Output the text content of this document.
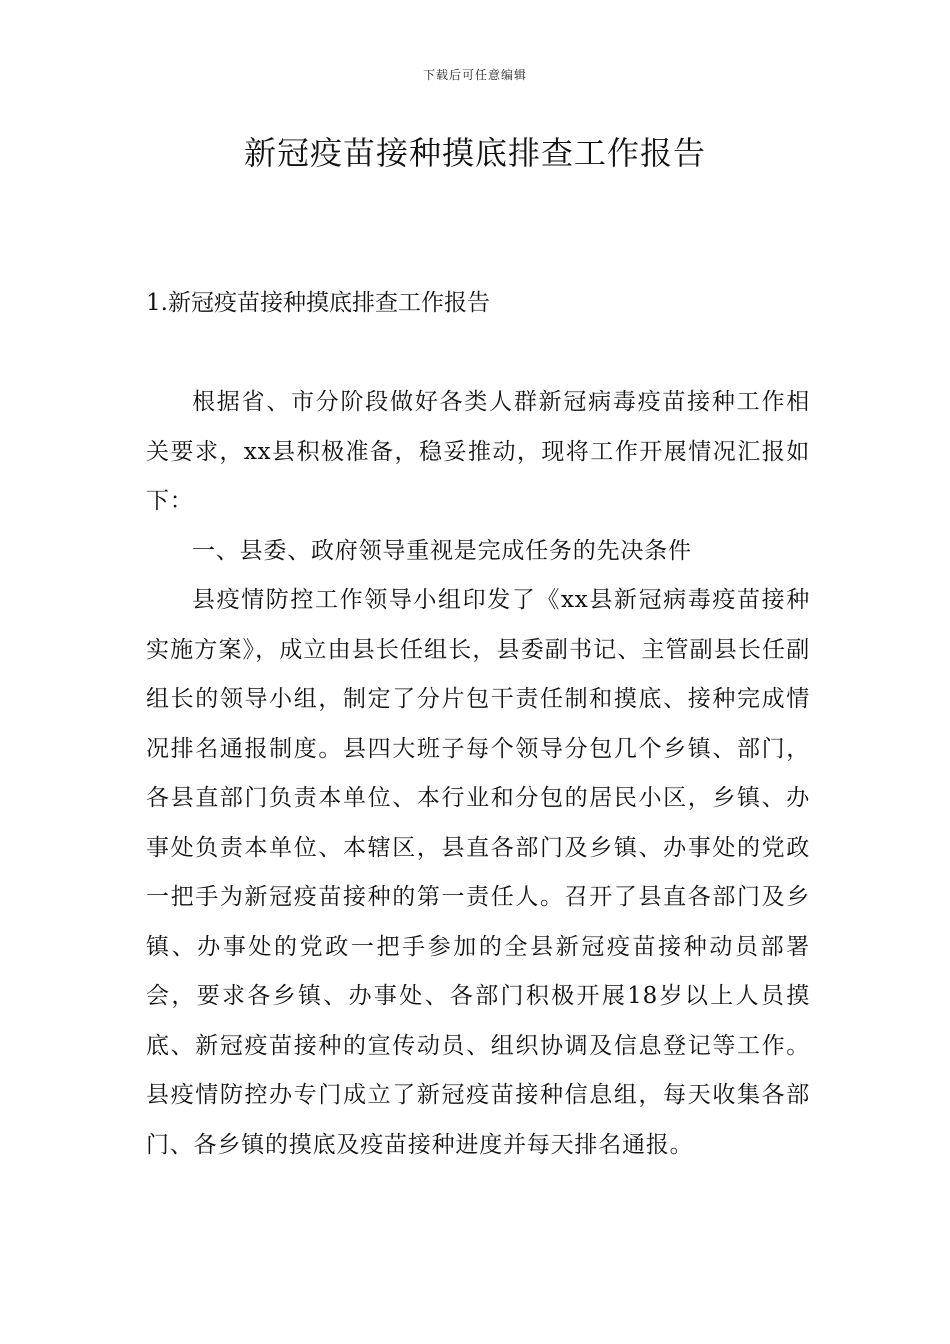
下载后可任意编辑
新冠疫苗接种摸底排查工作报告
1.新冠疫苗接种摸底排查工作报告

根据省、市分阶段做好各类人群新冠病毒疫苗接种工作相关要求，xx县积极准备，稳妥推动，现将工作开展情况汇报如下：

一、县委、政府领导重视是完成任务的先决条件

县疫情防控工作领导小组印发了《xx县新冠病毒疫苗接种实施方案》，成立由县长任组长，县委副书记、主管副县长任副组长的领导小组，制定了分片包干责任制和摸底、接种完成情况排名通报制度。县四大班子每个领导分包几个乡镇、部门，各县直部门负责本单位、本行业和分包的居民小区，乡镇、办事处负责本单位、本辖区，县直各部门及乡镇、办事处的党政一把手为新冠疫苗接种的第一责任人。召开了县直各部门及乡镇、办事处的党政一把手参加的全县新冠疫苗接种动员部署会，要求各乡镇、办事处、各部门积极开展18岁以上人员摸底、新冠疫苗接种的宣传动员、组织协调及信息登记等工作。县疫情防控办专门成立了新冠疫苗接种信息组，每天收集各部门、各乡镇的摸底及疫苗接种进度并每天排名通报。
